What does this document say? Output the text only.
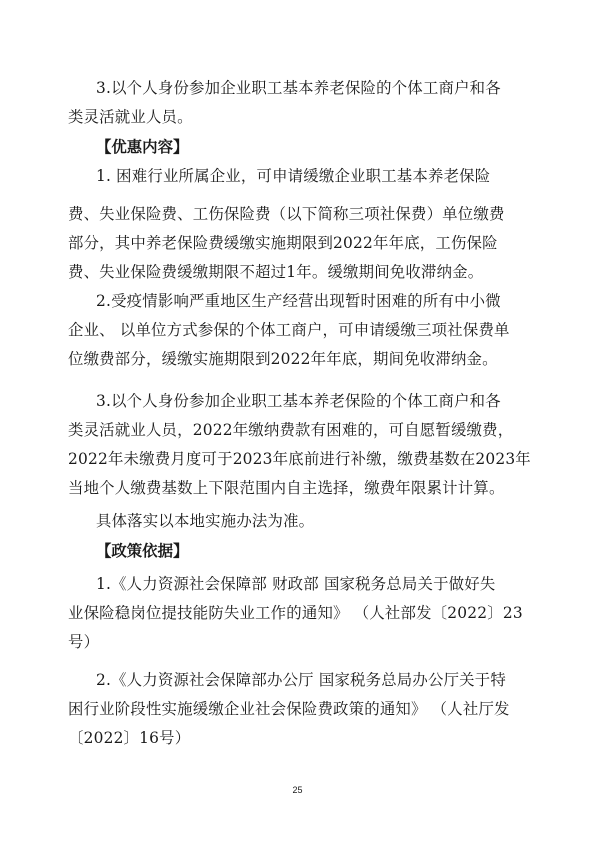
3.以个人身份参加企业职工基本养老保险的个体工商户和各
类灵活就业人员。
【优惠内容】
1. 困难行业所属企业，可申请缓缴企业职工基本养老保险
费、失业保险费、工伤保险费（以下简称三项社保费）单位缴费
部分，其中养老保险费缓缴实施期限到2022年年底，工伤保险
费、失业保险费缓缴期限不超过1年。缓缴期间免收滞纳金。
2.受疫情影响严重地区生产经营出现暂时困难的所有中小微
企业、 以单位方式参保的个体工商户，可申请缓缴三项社保费单
位缴费部分，缓缴实施期限到2022年年底，期间免收滞纳金。
3.以个人身份参加企业职工基本养老保险的个体工商户和各
类灵活就业人员，2022年缴纳费款有困难的，可自愿暂缓缴费，
2022年未缴费月度可于2023年底前进行补缴，缴费基数在2023年
当地个人缴费基数上下限范围内自主选择，缴费年限累计计算。
具体落实以本地实施办法为准。
【政策依据】
1.《人力资源社会保障部 财政部 国家税务总局关于做好失
业保险稳岗位提技能防失业工作的通知》 （人社部发〔2022〕23
号）
2.《人力资源社会保障部办公厅 国家税务总局办公厅关于特
困行业阶段性实施缓缴企业社会保险费政策的通知》 （人社厅发
〔2022〕16号）
25
